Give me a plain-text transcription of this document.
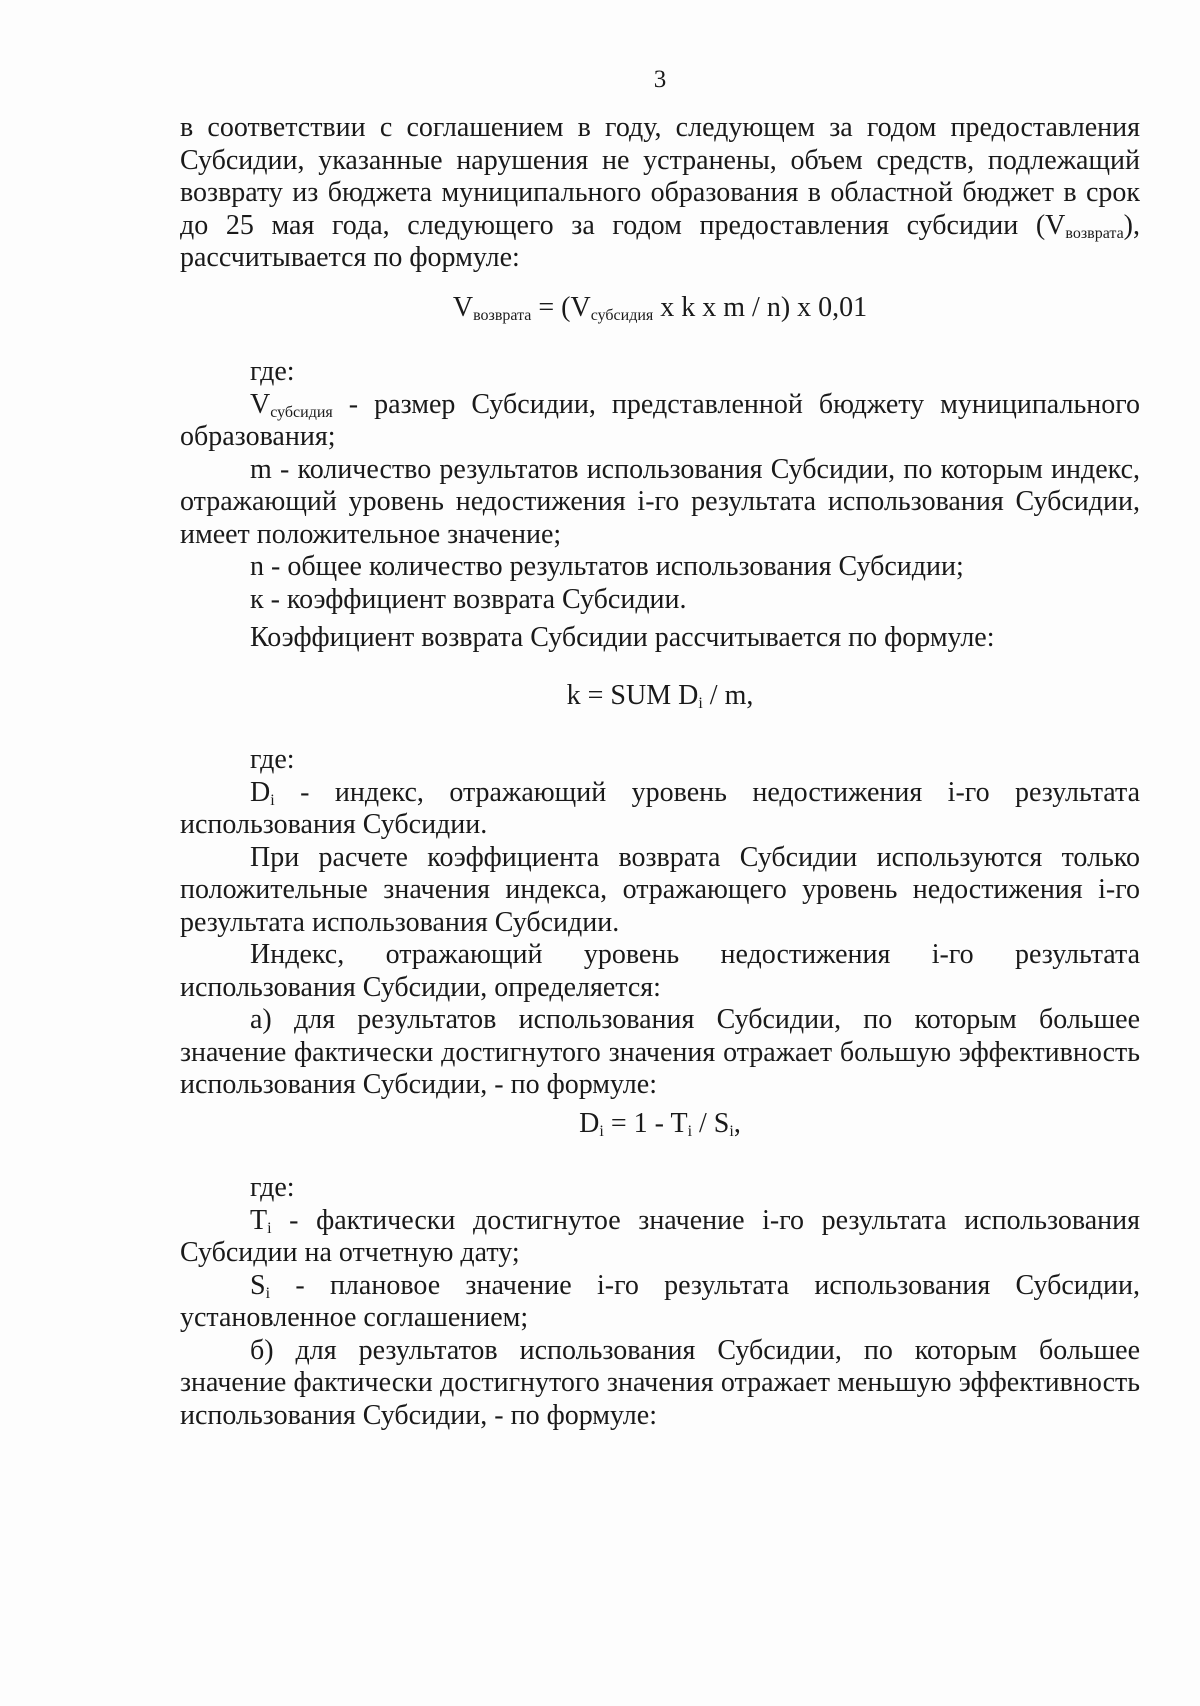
3

в соответствии с соглашением в году, следующем за годом предоставления Субсидии, указанные нарушения не устранены, объем средств, подлежащий возврату из бюджета муниципального образования в областной бюджет в срок до 25 мая года, следующего за годом предоставления субсидии $(V_{возврата})$, рассчитывается по формуле:

$V_{возврата} = (V_{субсидия}$ x k x m / n) x 0,01

где:

$V_{субсидия}$ - размер Субсидии, представленной бюджету муниципального образования;

m - количество результатов использования Субсидии, по которым индекс, отражающий уровень недостижения i-го результата использования Субсидии, имеет положительное значение;

n - общее количество результатов использования Субсидии;

к - коэффициент возврата Субсидии.

Коэффициент возврата Субсидии рассчитывается по формуле:

k = SUM $D_i$ / m,

где:

$D_i$ - индекс, отражающий уровень недостижения i-го результата использования Субсидии.

При расчете коэффициента возврата Субсидии используются только положительные значения индекса, отражающего уровень недостижения i-го результата использования Субсидии.

Индекс, отражающий уровень недостижения i-го результата использования Субсидии, определяется:

а) для результатов использования Субсидии, по которым большее значение фактически достигнутого значения отражает большую эффективность использования Субсидии, - по формуле:

$D_i = 1 - T_i / S_i$,

где:

$T_i$ - фактически достигнутое значение i-го результата использования Субсидии на отчетную дату;

$S_i$ - плановое значение i-го результата использования Субсидии, установленное соглашением;

б) для результатов использования Субсидии, по которым большее значение фактически достигнутого значения отражает меньшую эффективность использования Субсидии, - по формуле:
